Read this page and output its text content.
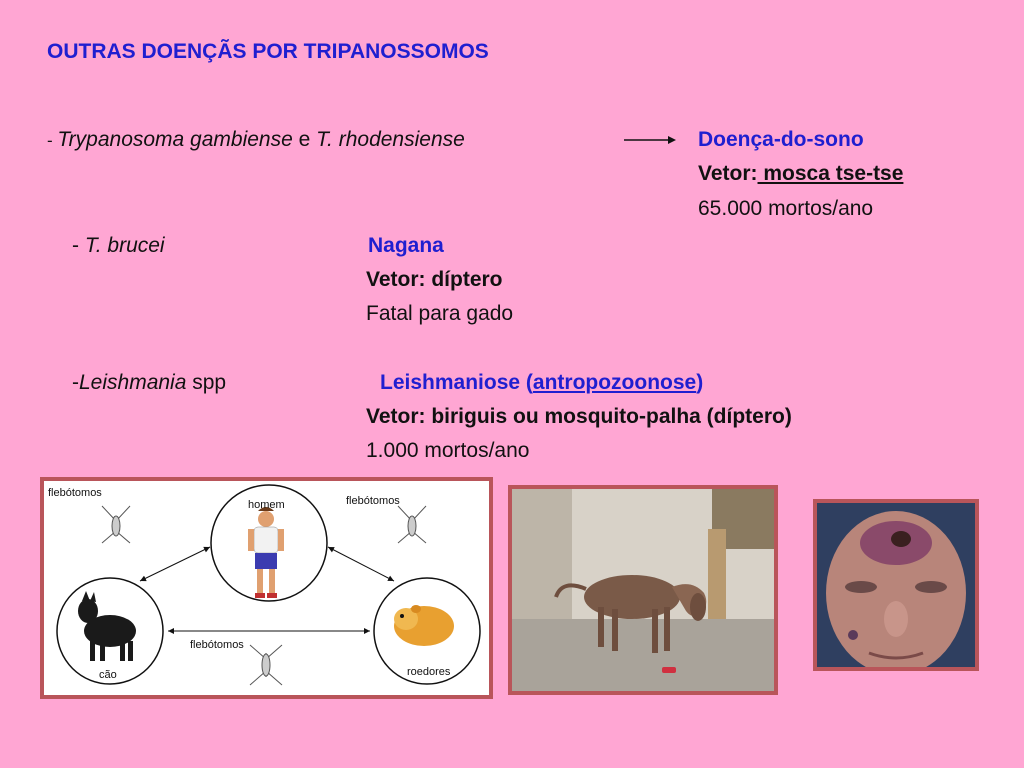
OUTRAS DOENÇÃS POR TRIPANOSSOMOS
- Trypanosoma gambiense e T. rhodensiense	Doença-do-sono
Vetor: mosca tse-tse
65.000 mortos/ano
- T. brucei	Nagana
Vetor: díptero
Fatal para gado
-Leishmania spp	Leishmaniose (antropozoonose)
Vetor: biriguis ou mosquito-palha (díptero)
1.000 mortos/ano
flebótomos
flebótomos
flebótomos
homem
cão	roedores
